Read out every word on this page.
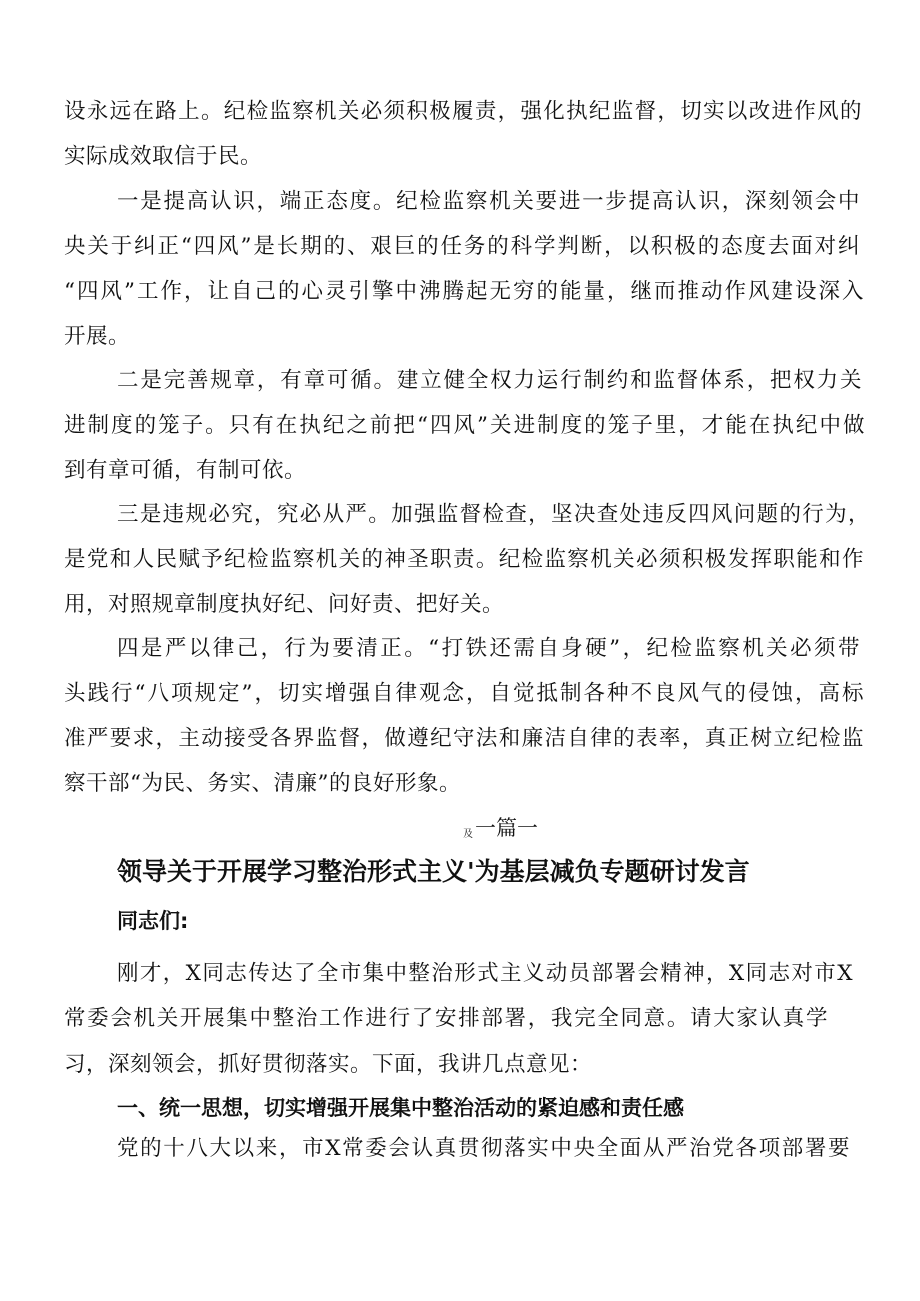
设永远在路上。纪检监察机关必须积极履责，强化执纪监督，切实以改进作风的
实际成效取信于民。
一是提高认识，端正态度。纪检监察机关要进一步提高认识，深刻领会中
央关于纠正“四风”是长期的、艰巨的任务的科学判断，以积极的态度去面对纠
“四风”工作，让自己的心灵引擎中沸腾起无穷的能量，继而推动作风建设深入
开展。
二是完善规章，有章可循。建立健全权力运行制约和监督体系，把权力关
进制度的笼子。只有在执纪之前把“四风”关进制度的笼子里，才能在执纪中做
到有章可循，有制可依。
三是违规必究，究必从严。加强监督检查，坚决查处违反四风问题的行为，
是党和人民赋予纪检监察机关的神圣职责。纪检监察机关必须积极发挥职能和作
用，对照规章制度执好纪、问好责、把好关。
四是严以律己，行为要清正。“打铁还需自身硬”，纪检监察机关必须带
头践行“八项规定”，切实增强自律观念，自觉抵制各种不良风气的侵蚀，高标
准严要求，主动接受各界监督，做遵纪守法和廉洁自律的表率，真正树立纪检监
察干部“为民、务实、清廉”的良好形象。
及一篇一
领导关于开展学习整治形式主义'为基层减负专题研讨发言
同志们:
刚才，X同志传达了全市集中整治形式主义动员部署会精神，X同志对市X
常委会机关开展集中整治工作进行了安排部署，我完全同意。请大家认真学
习，深刻领会，抓好贯彻落实。下面，我讲几点意见：
一、统一思想，切实增强开展集中整治活动的紧迫感和责任感
党的十八大以来，市X常委会认真贯彻落实中央全面从严治党各项部署要
